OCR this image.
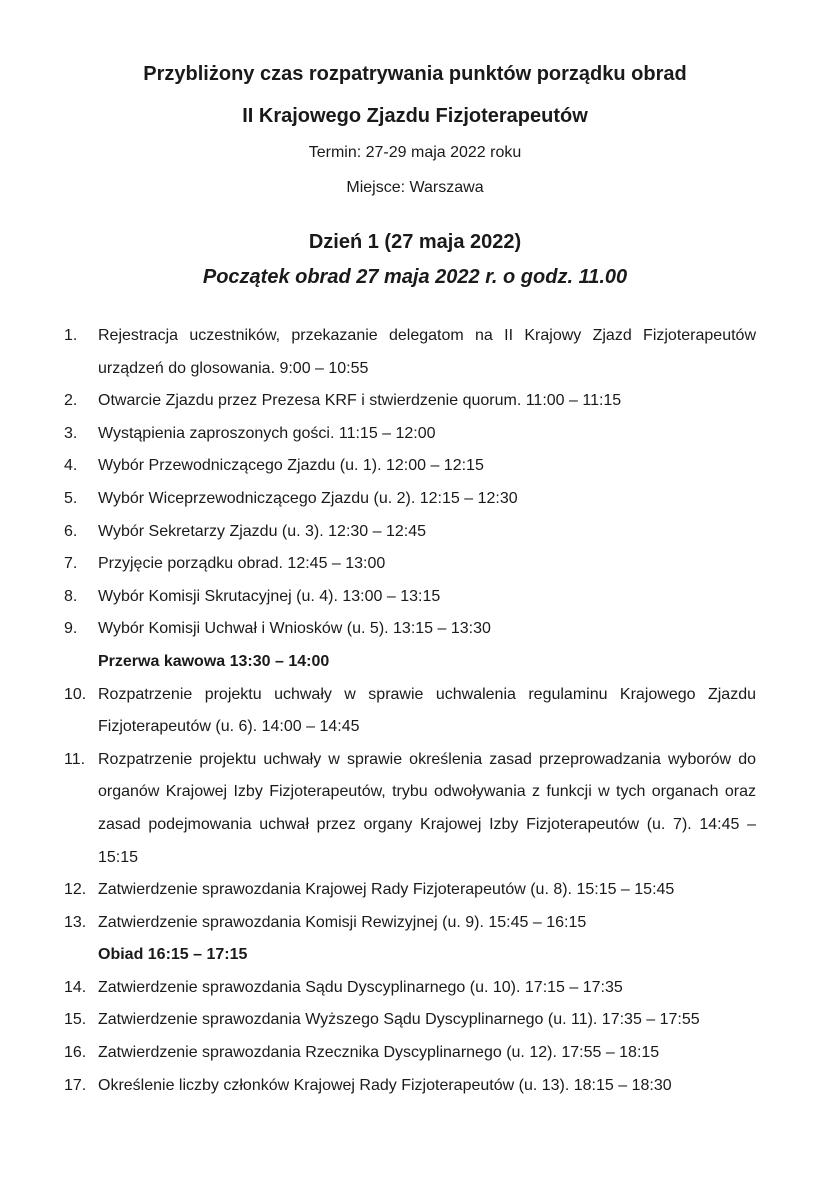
Przybliżony czas rozpatrywania punktów porządku obrad
II Krajowego Zjazdu Fizjoterapeutów
Termin: 27-29 maja 2022 roku
Miejsce: Warszawa
Dzień 1 (27 maja 2022)
Początek obrad 27 maja 2022 r. o godz. 11.00
1.	Rejestracja uczestników, przekazanie delegatom na II Krajowy Zjazd Fizjoterapeutów urządzeń do glosowania. 9:00 – 10:55
2.	Otwarcie Zjazdu przez Prezesa KRF i stwierdzenie quorum. 11:00 – 11:15
3.	Wystąpienia zaproszonych gości. 11:15 – 12:00
4.	Wybór Przewodniczącego Zjazdu (u. 1). 12:00 – 12:15
5.	Wybór Wiceprzewodniczącego Zjazdu (u. 2). 12:15 – 12:30
6.	Wybór Sekretarzy Zjazdu (u. 3). 12:30 – 12:45
7.	Przyjęcie porządku obrad. 12:45 – 13:00
8.	Wybór Komisji Skrutacyjnej (u. 4). 13:00 – 13:15
9.	Wybór Komisji Uchwał i Wniosków (u. 5). 13:15 – 13:30
Przerwa kawowa 13:30 – 14:00
10. Rozpatrzenie projektu uchwały w sprawie uchwalenia regulaminu Krajowego Zjazdu Fizjoterapeutów (u. 6). 14:00 – 14:45
11. Rozpatrzenie projektu uchwały w sprawie określenia zasad przeprowadzania wyborów do organów Krajowej Izby Fizjoterapeutów, trybu odwoływania z funkcji w tych organach oraz zasad podejmowania uchwał przez organy Krajowej Izby Fizjoterapeutów (u. 7). 14:45 – 15:15
12. Zatwierdzenie sprawozdania Krajowej Rady Fizjoterapeutów (u. 8). 15:15 – 15:45
13. Zatwierdzenie sprawozdania Komisji Rewizyjnej (u. 9). 15:45 – 16:15
Obiad 16:15 – 17:15
14. Zatwierdzenie sprawozdania Sądu Dyscyplinarnego (u. 10). 17:15 – 17:35
15. Zatwierdzenie sprawozdania Wyższego Sądu Dyscyplinarnego (u. 11). 17:35 – 17:55
16. Zatwierdzenie sprawozdania Rzecznika Dyscyplinarnego (u. 12). 17:55 – 18:15
17. Określenie liczby członków Krajowej Rady Fizjoterapeutów (u. 13). 18:15 – 18:30
